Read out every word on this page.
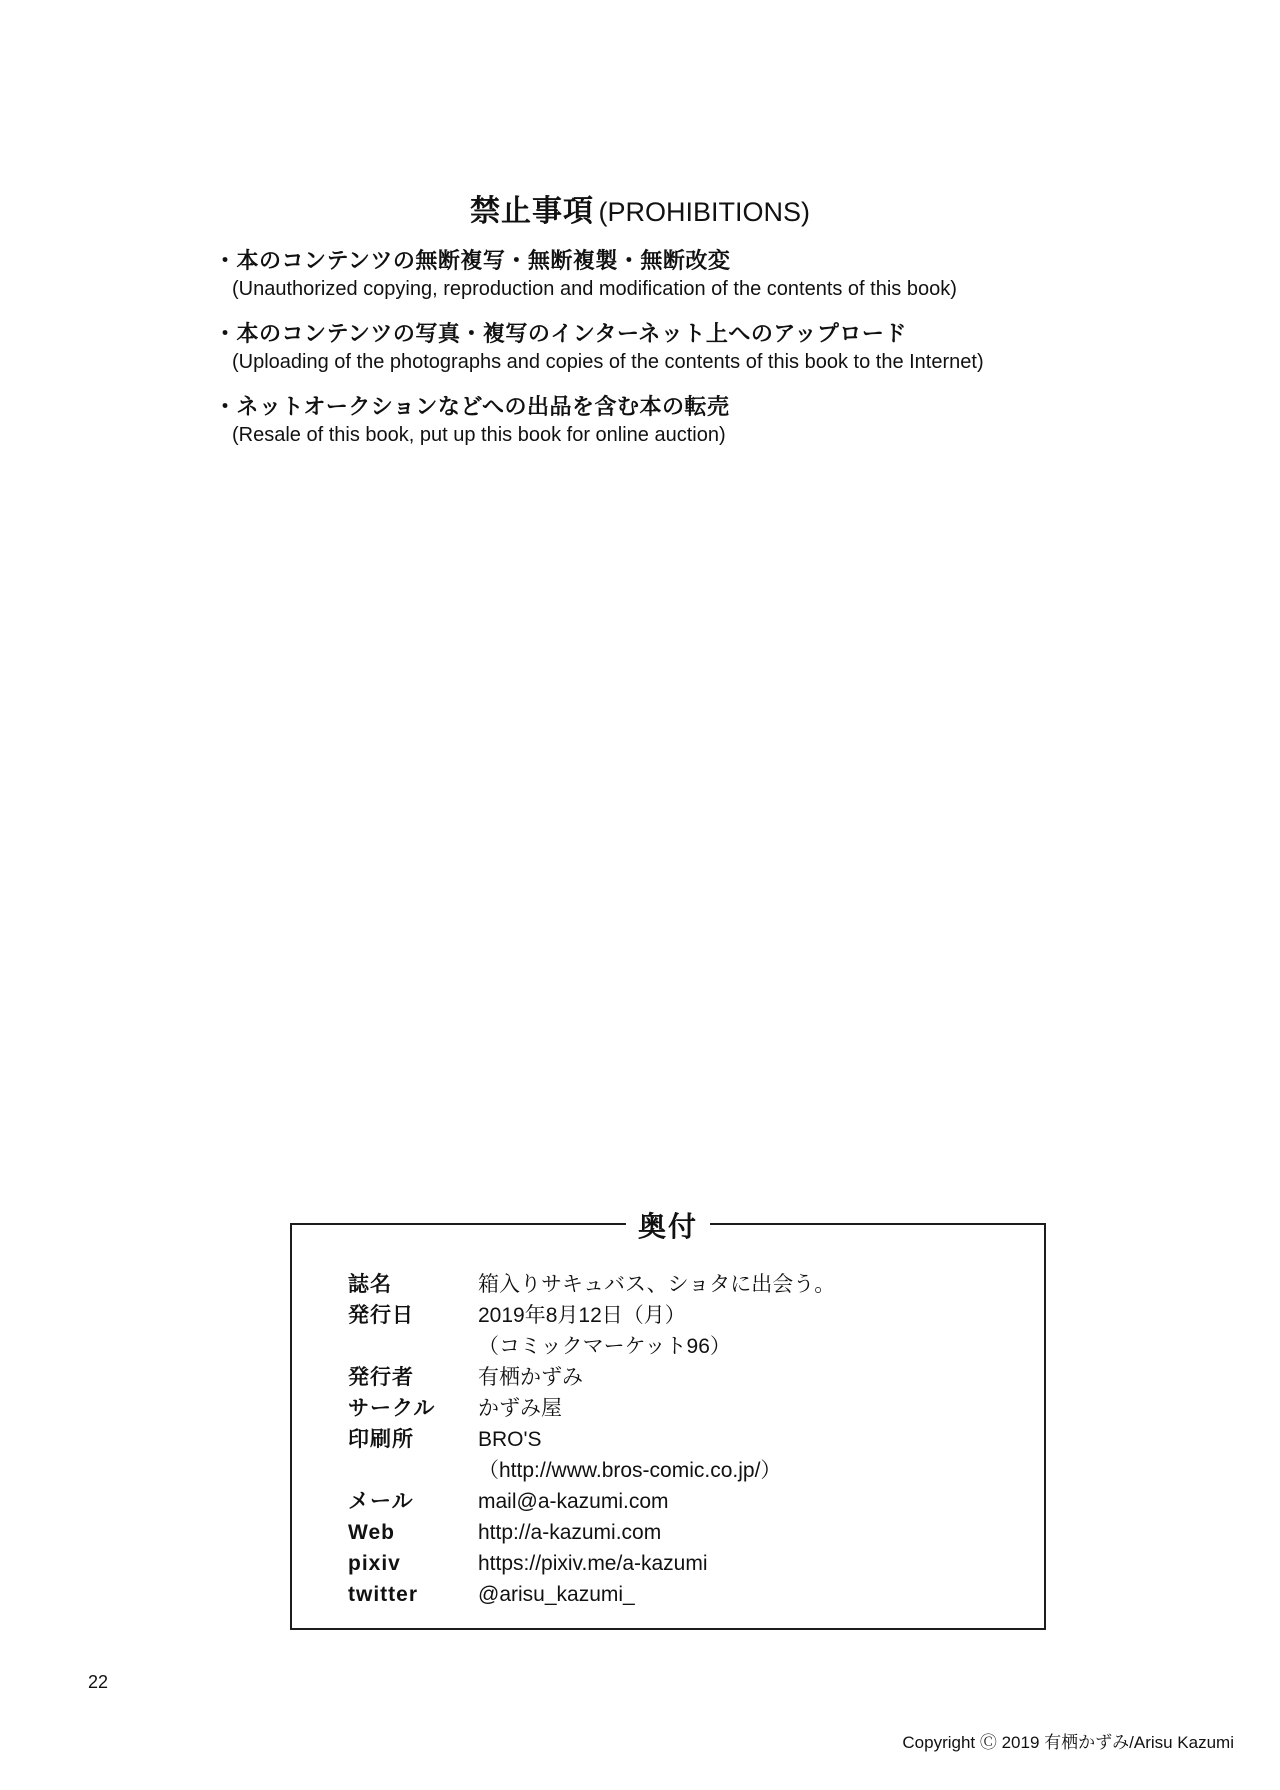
禁止事項 (PROHIBITIONS)
・本のコンテンツの無断複写・無断複製・無断改変
(Unauthorized copying, reproduction and modification of the contents of this book)
・本のコンテンツの写真・複写のインターネット上へのアップロード
(Uploading of the photographs and copies of the contents of this book to the Internet)
・ネットオークションなどへの出品を含む本の転売
(Resale of this book, put up this book for online auction)
奥付
誌名	箱入りサキュバス、ショタに出会う。
発行日	2019年8月12日（月）
（コミックマーケット96）
発行者	有栖かずみ
サークル	かずみ屋
印刷所	BRO'S
（http://www.bros-comic.co.jp/）
メール	mail@a-kazumi.com
Web	http://a-kazumi.com
pixiv	https://pixiv.me/a-kazumi
twitter	@arisu_kazumi_
22
Copyright Ⓒ 2019 有栖かずみ/Arisu Kazumi
